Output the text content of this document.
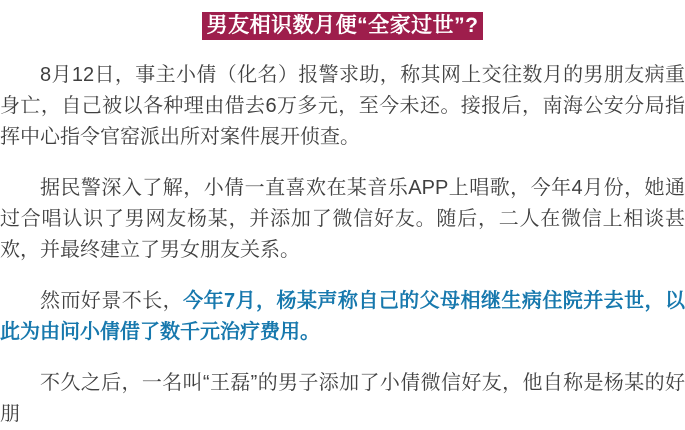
男友相识数月便“全家过世”?

8月12日，事主小倩（化名）报警求助，称其网上交往数月的男朋友病重身亡，自己被以各种理由借去6万多元，至今未还。接报后，南海公安分局指挥中心指令官窑派出所对案件展开侦查。

据民警深入了解，小倩一直喜欢在某音乐APP上唱歌，今年4月份，她通过合唱认识了男网友杨某，并添加了微信好友。随后，二人在微信上相谈甚欢，并最终建立了男女朋友关系。

然而好景不长，今年7月，杨某声称自己的父母相继生病住院并去世，以此为由问小倩借了数千元治疗费用。

不久之后，一名叫“王磊”的男子添加了小倩微信好友，他自称是杨某的好朋
